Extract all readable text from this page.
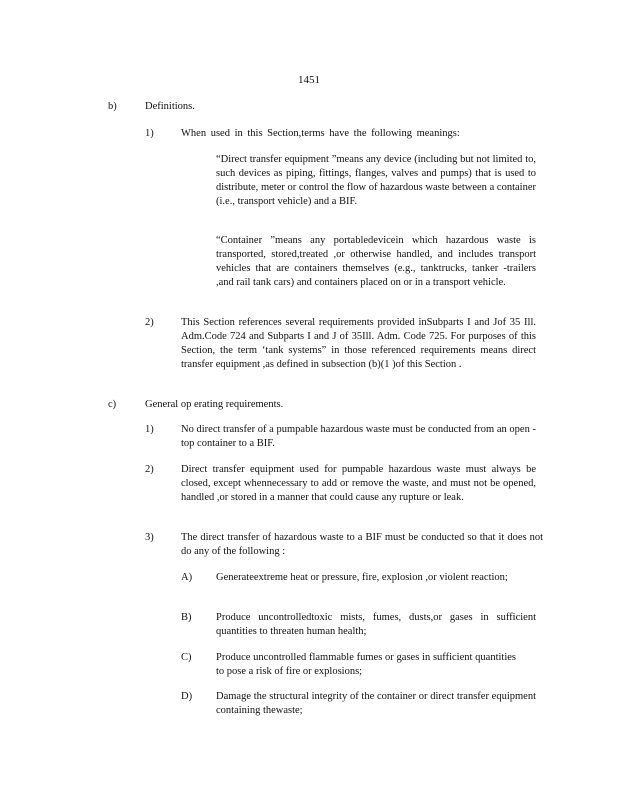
1451
b)	Definitions.
1)	When used in this Section,terms have the following meanings:
“Direct transfer equipment ”means any device (including but not limited to, such devices as piping, fittings, flanges, valves and pumps) that is used to distribute, meter or control the flow of hazardous waste between a container (i.e., transport vehicle) and a BIF.
“Container ”means any portabledevicein which hazardous waste is transported, stored,treated ,or otherwise handled, and includes transport vehicles that are containers themselves (e.g., tanktrucks, tanker -trailers ,and rail tank cars) and containers placed on or in a transport vehicle.
2)	This Section references several requirements provided inSubparts I and Jof 35 Ill. Adm.Code 724 and Subparts I and J of 35Ill. Adm. Code 725. For purposes of this Section, the term ‘tank systems” in those referenced requirements means direct transfer equipment ,as defined in subsection (b)(1 )of this Section .
c)	General op erating requirements.
1)	No direct transfer of a pumpable hazardous waste must be conducted from an open -top container to a BIF.
2)	Direct transfer equipment used for pumpable hazardous waste must always be closed, except whennecessary to add or remove the waste, and must not be opened, handled ,or stored in a manner that could cause any rupture or leak.
3)	The direct transfer of hazardous waste to a BIF must be conducted so that it does not do any of the following :
A) Generateextreme heat or pressure, fire, explosion ,or violent reaction;
B) Produce uncontrolledtoxic mists, fumes, dusts,or gases in sufficient quantities to threaten human health;
C) Produce uncontrolled flammable fumes or gases in sufficient quantities to pose a risk of fire or explosions;
D) Damage the structural integrity of the container or direct transfer equipment containing thewaste;
